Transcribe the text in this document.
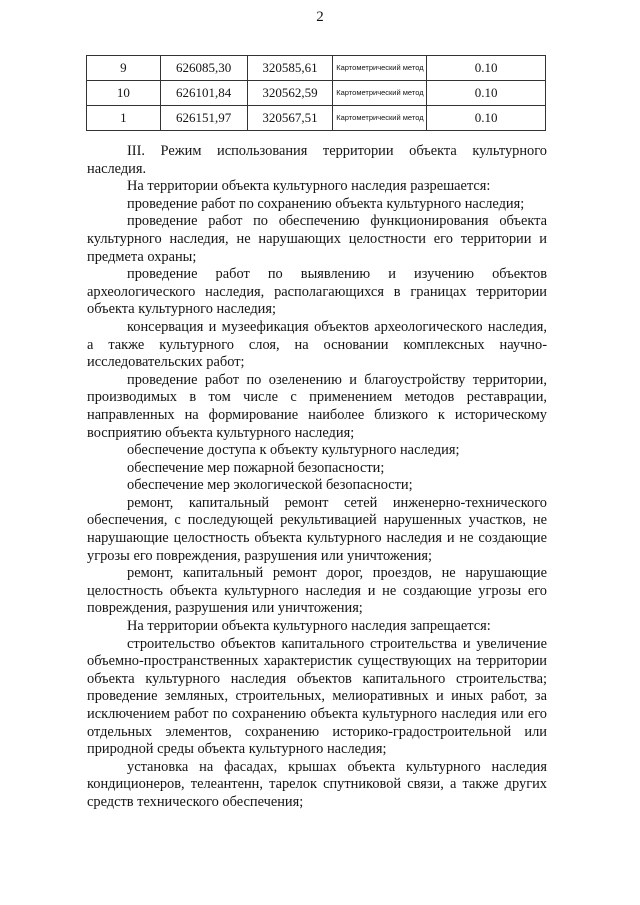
2
9	626085,30	320585,61	Картометрический метод	0.10
10	626101,84	320562,59	Картометрический метод	0.10
1	626151,97	320567,51	Картометрический метод	0.10

III. Режим использования территории объекта культурного наследия.

На территории объекта культурного наследия разрешается:

проведение работ по сохранению объекта культурного наследия;

проведение работ по обеспечению функционирования объекта культурного наследия, не нарушающих целостности его территории и предмета охраны;

проведение работ по выявлению и изучению объектов археологического наследия, располагающихся в границах территории объекта культурного наследия;

консервация и музеефикация объектов археологического наследия, а также культурного слоя, на основании комплексных научно-исследовательских работ;

проведение работ по озеленению и благоустройству территории, производимых в том числе с применением методов реставрации, направленных на формирование наиболее близкого к историческому восприятию объекта культурного наследия;

обеспечение доступа к объекту культурного наследия;

обеспечение мер пожарной безопасности;

обеспечение мер экологической безопасности;

ремонт, капитальный ремонт сетей инженерно-технического обеспечения, с последующей рекультивацией нарушенных участков, не нарушающие целостность объекта культурного наследия и не создающие угрозы его повреждения, разрушения или уничтожения;

ремонт, капитальный ремонт дорог, проездов, не нарушающие целостность объекта культурного наследия и не создающие угрозы его повреждения, разрушения или уничтожения;

На территории объекта культурного наследия запрещается:

строительство объектов капитального строительства и увеличение объемно-пространственных характеристик существующих на территории объекта культурного наследия объектов капитального строительства; проведение земляных, строительных, мелиоративных и иных работ, за исключением работ по сохранению объекта культурного наследия или его отдельных элементов, сохранению историко-градостроительной или природной среды объекта культурного наследия;

установка на фасадах, крышах объекта культурного наследия кондиционеров, телеантенн, тарелок спутниковой связи, а также других средств технического обеспечения;
